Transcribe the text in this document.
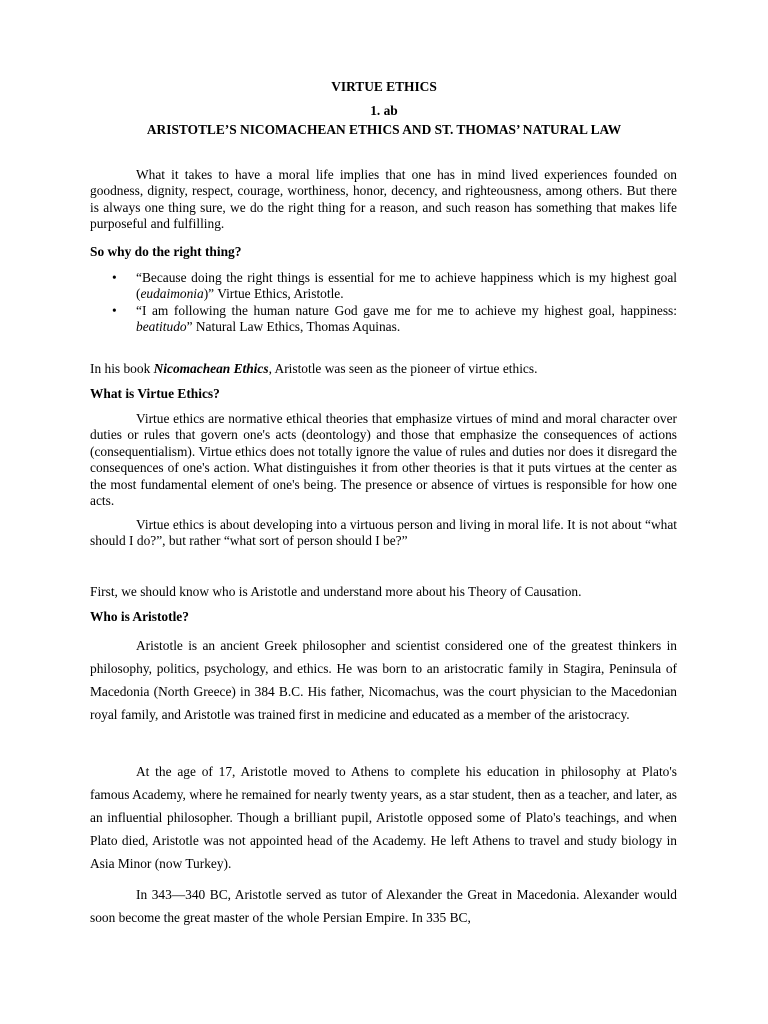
VIRTUE ETHICS
1. ab
ARISTOTLE’S NICOMACHEAN ETHICS AND ST. THOMAS’ NATURAL LAW

What it takes to have a moral life implies that one has in mind lived experiences founded on goodness, dignity, respect, courage, worthiness, honor, decency, and righteousness, among others. But there is always one thing sure, we do the right thing for a reason, and such reason has something that makes life purposeful and fulfilling.

So why do the right thing?
• “Because doing the right things is essential for me to achieve happiness which is my highest goal (eudaimonia)” Virtue Ethics, Aristotle.
• “I am following the human nature God gave me for me to achieve my highest goal, happiness: beatitudo” Natural Law Ethics, Thomas Aquinas.
In his book Nicomachean Ethics, Aristotle was seen as the pioneer of virtue ethics.
What is Virtue Ethics?

Virtue ethics are normative ethical theories that emphasize virtues of mind and moral character over duties or rules that govern one's acts (deontology) and those that emphasize the consequences of actions (consequentialism). Virtue ethics does not totally ignore the value of rules and duties nor does it disregard the consequences of one's action. What distinguishes it from other theories is that it puts virtues at the center as the most fundamental element of one's being. The presence or absence of virtues is responsible for how one acts.

Virtue ethics is about developing into a virtuous person and living in moral life. It is not about “what should I do?”, but rather “what sort of person should I be?”

First, we should know who is Aristotle and understand more about his Theory of Causation.
Who is Aristotle?

Aristotle is an ancient Greek philosopher and scientist considered one of the greatest thinkers in philosophy, politics, psychology, and ethics. He was born to an aristocratic family in Stagira, Peninsula of Macedonia (North Greece) in 384 B.C. His father, Nicomachus, was the court physician to the Macedonian royal family, and Aristotle was trained first in medicine and educated as a member of the aristocracy.

At the age of 17, Aristotle moved to Athens to complete his education in philosophy at Plato's famous Academy, where he remained for nearly twenty years, as a star student, then as a teacher, and later, as an influential philosopher. Though a brilliant pupil, Aristotle opposed some of Plato's teachings, and when Plato died, Aristotle was not appointed head of the Academy. He left Athens to travel and study biology in Asia Minor (now Turkey).

In 343—340 BC, Aristotle served as tutor of Alexander the Great in Macedonia. Alexander would soon become the great master of the whole Persian Empire. In 335 BC,
